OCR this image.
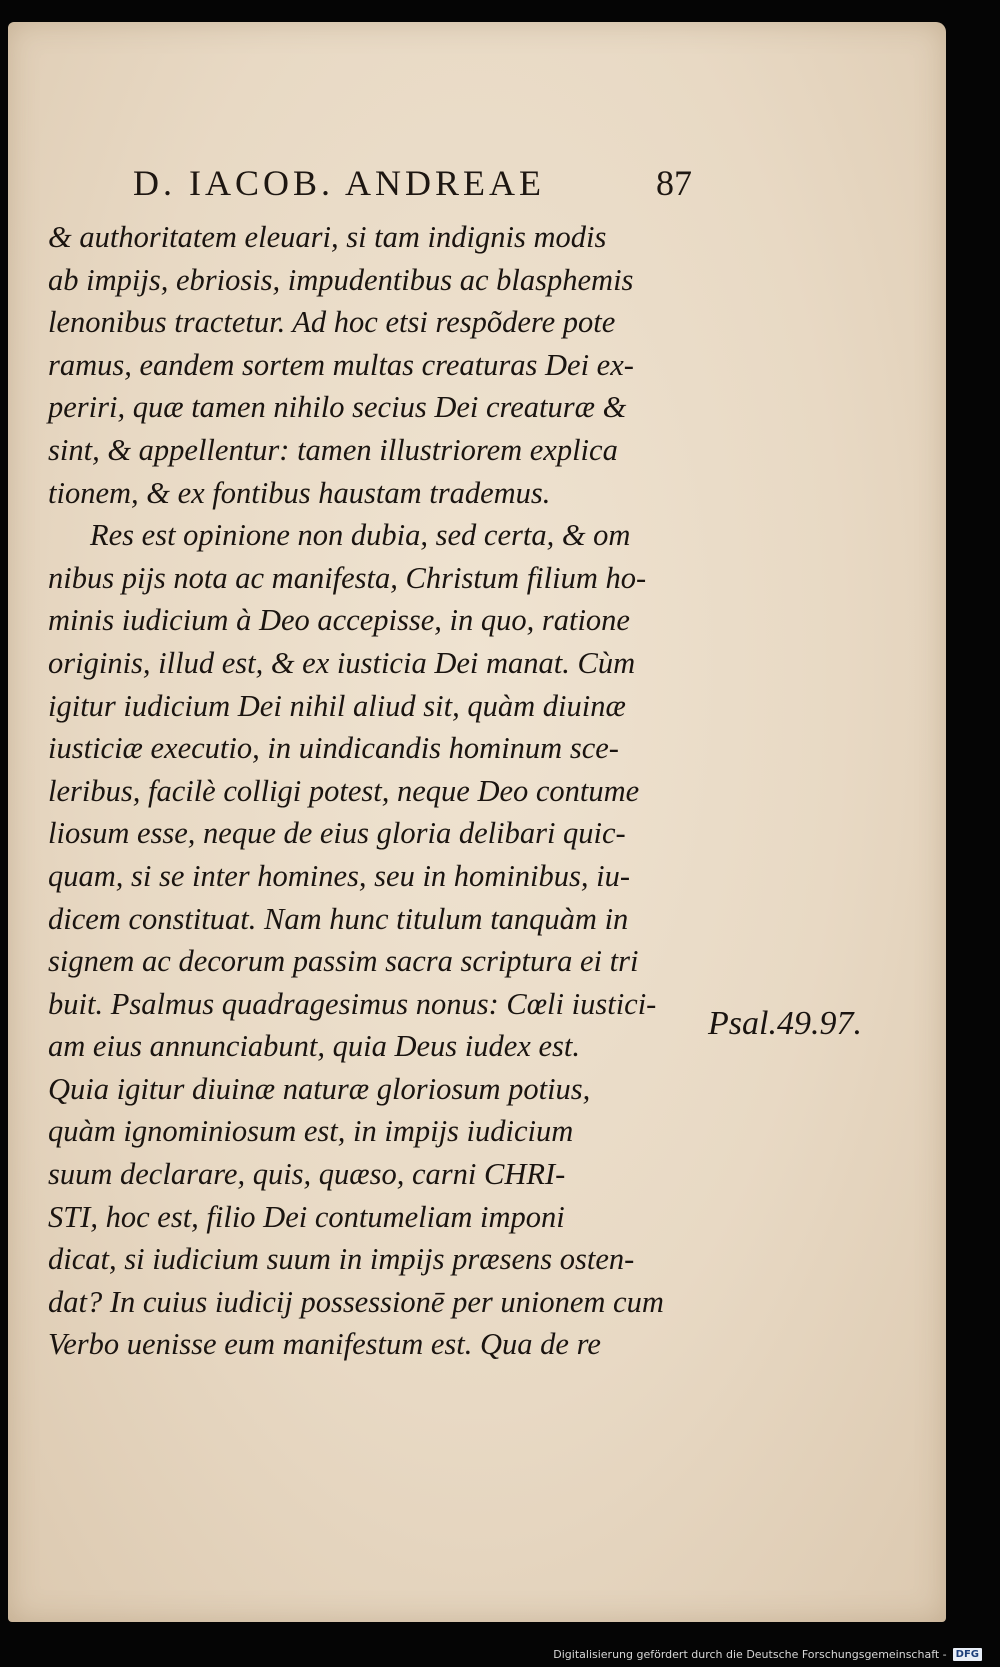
D. IACOB. ANDREAE	87
& authoritatem eleuari, si tam indignis modis
ab impijs, ebriosis, impudentibus ac blasphemis
lenonibus tractetur. Ad hoc etsi respõdere pote
ramus, eandem sortem multas creaturas Dei ex-
periri, quæ tamen nihilo secius Dei creaturæ &
sint, & appellentur: tamen illustriorem explica
tionem, & ex fontibus haustam trademus.
Res est opinione non dubia, sed certa, & om
nibus pijs nota ac manifesta, Christum filium ho-
minis iudicium à Deo accepisse, in quo, ratione
originis, illud est, & ex iusticia Dei manat. Cùm
igitur iudicium Dei nihil aliud sit, quàm diuinæ
iusticiæ executio, in uindicandis hominum sce-
leribus, facilè colligi potest, neque Deo contume
liosum esse, neque de eius gloria delibari quic-
quam, si se inter homines, seu in hominibus, iu-
dicem constituat. Nam hunc titulum tanquàm in
signem ac decorum passim sacra scriptura ei tri
buit. Psalmus quadragesimus nonus: Cœli iustici-
am eius annunciabunt, quia Deus iudex est.
Quia igitur diuinæ naturæ gloriosum potius,
quàm ignominiosum est, in impijs iudicium
suum declarare, quis, quæso, carni CHRI-
STI, hoc est, filio Dei contumeliam imponi
dicat, si iudicium suum in impijs præsens osten-
dat? In cuius iudicij possessionē per unionem cum
Verbo uenisse eum manifestum est. Qua de re
Psal.49.97.
Digitalisierung gefördert durch die Deutsche Forschungsgemeinschaft - DFG
